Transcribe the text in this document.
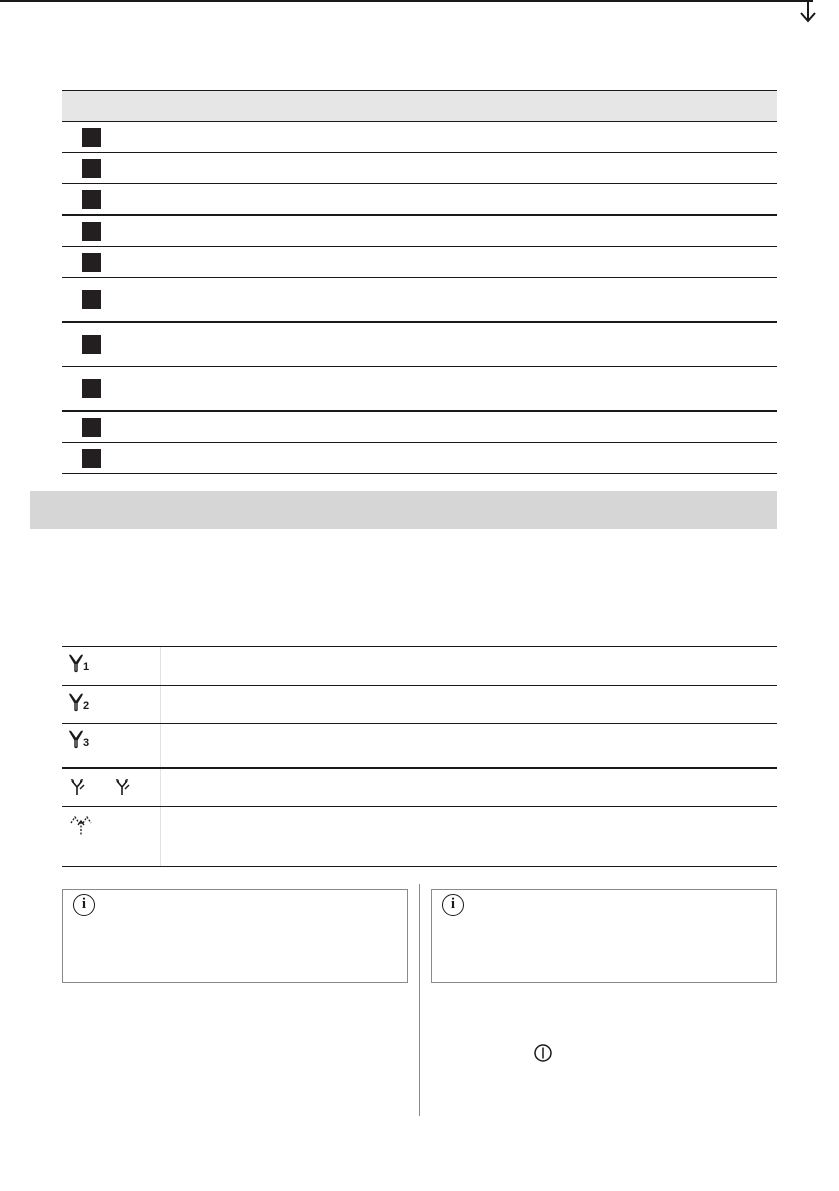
1
2
3
i	i
